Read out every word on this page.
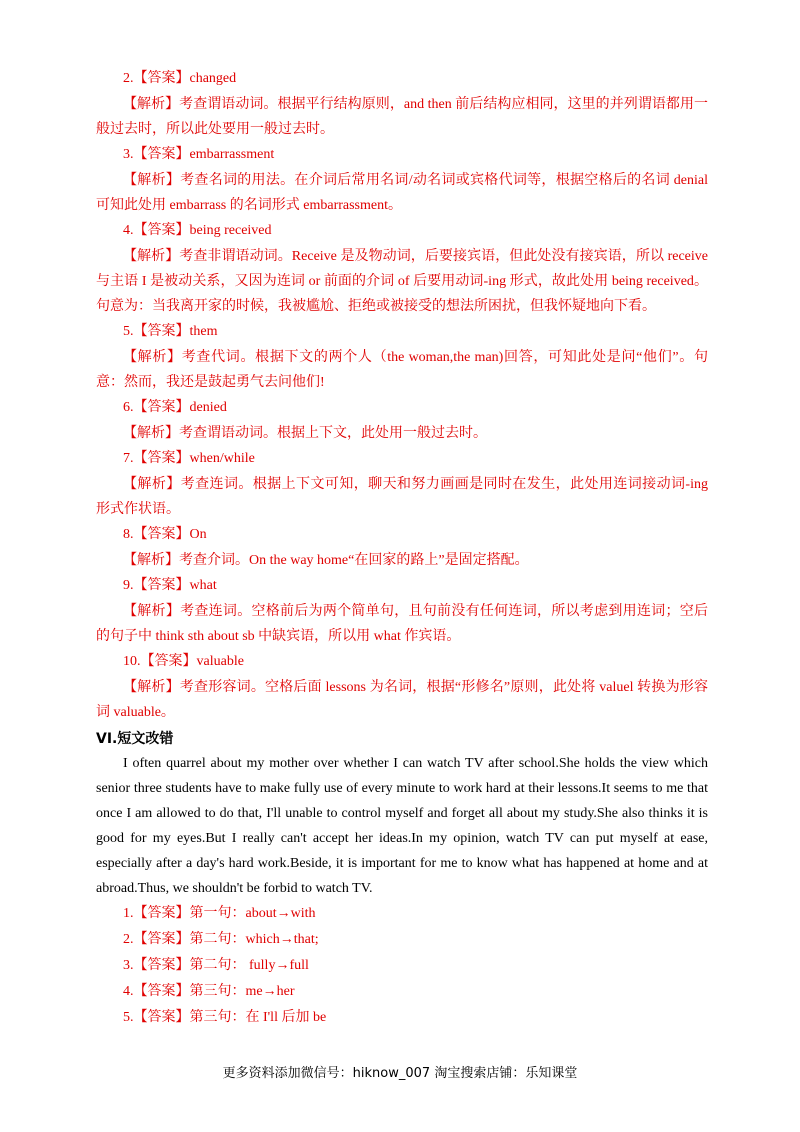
2.【答案】changed

【解析】考查谓语动词。根据平行结构原则，and then 前后结构应相同，这里的并列谓语都用一般过去时，所以此处要用一般过去时。

3.【答案】embarrassment

【解析】考查名词的用法。在介词后常用名词/动名词或宾格代词等，根据空格后的名词 denial 可知此处用 embarrass 的名词形式 embarrassment。

4.【答案】being received

【解析】考查非谓语动词。Receive 是及物动词，后要接宾语，但此处没有接宾语，所以 receive 与主语 I 是被动关系，又因为连词 or 前面的介词 of 后要用动词-ing 形式，故此处用 being received。句意为：当我离开家的时候，我被尴尬、拒绝或被接受的想法所困扰，但我怀疑地向下看。

5.【答案】them

【解析】考查代词。根据下文的两个人（the woman,the man)回答，可知此处是问“他们”。句意：然而，我还是鼓起勇气去问他们!

6.【答案】denied

【解析】考查谓语动词。根据上下文，此处用一般过去时。

7.【答案】when/while

【解析】考查连词。根据上下文可知，聊天和努力画画是同时在发生，此处用连词接动词-ing 形式作状语。

8.【答案】On

【解析】考查介词。On the way home“在回家的路上”是固定搭配。

9.【答案】what

【解析】考查连词。空格前后为两个简单句，且句前没有任何连词，所以考虑到用连词；空后的句子中 think sth about sb 中缺宾语，所以用 what 作宾语。

10.【答案】valuable

【解析】考查形容词。空格后面 lessons 为名词，根据“形修名”原则，此处将 valuel 转换为形容词 valuable。

VI.短文改错

I often quarrel about my mother over whether I can watch TV after school.She holds the view which senior three students have to make fully use of every minute to work hard at their lessons.It seems to me that once I am allowed to do that, I'll unable to control myself and forget all about my study.She also thinks it is good for my eyes.But I really can't accept her ideas.In my opinion, watch TV can put myself at ease, especially after a day's hard work.Beside, it is important for me to know what has happened at home and at abroad.Thus, we shouldn't be forbid to watch TV.

1.【答案】第一句：about→with
2.【答案】第二句：which→that;
3.【答案】第二句： fully→full
4.【答案】第三句：me→her
5.【答案】第三句：在 I'll 后加 be
更多资料添加微信号：hiknow_007 淘宝搜索店铺：乐知课堂
